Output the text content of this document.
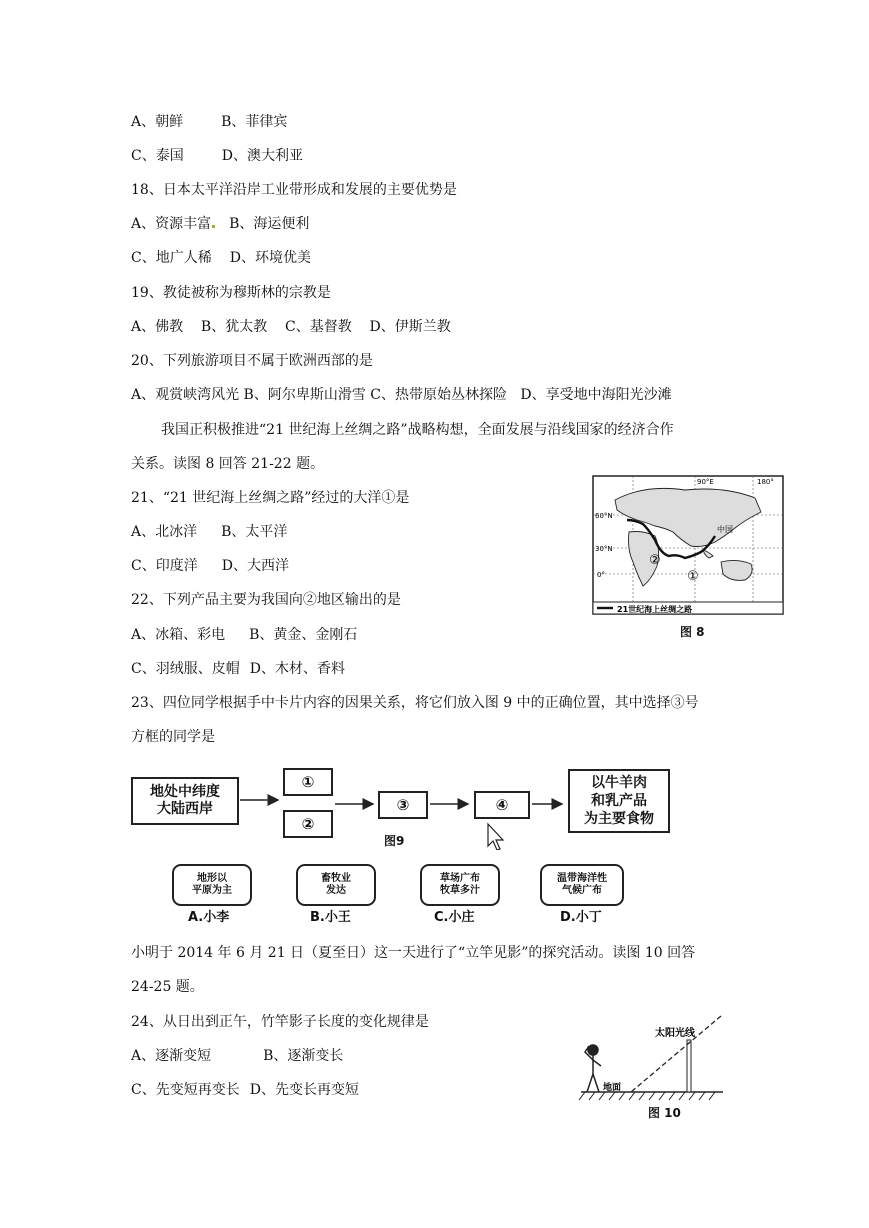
A、朝鲜	B、菲律宾
C、泰国	D、澳大利亚
18、日本太平洋沿岸工业带形成和发展的主要优势是
A、资源丰富 B、海运便利
C、地广人稀 D、环境优美
19、教徒被称为穆斯林的宗教是
A、佛教    B、犹太教    C、基督教    D、伊斯兰教
20、下列旅游项目不属于欧洲西部的是
A、观赏峡湾风光 B、阿尔卑斯山滑雪 C、热带原始丛林探险   D、享受地中海阳光沙滩
我国正积极推进“21 世纪海上丝绸之路”战略构想，全面发展与沿线国家的经济合作
关系。读图 8 回答 21-22 题。
21、“21 世纪海上丝绸之路”经过的大洋①是
A、北冰洋 B、太平洋
C、印度洋 D、大西洋
22、下列产品主要为我国向②地区输出的是
A、冰箱、彩电 B、黄金、金刚石
C、羽绒服、皮帽 D、木材、香料
60°N
30°N
0°
90°E	180°
中国
①
②
21世纪海上丝绸之路
图 8
23、四位同学根据手中卡片内容的因果关系，将它们放入图 9 中的正确位置，其中选择③号
方框的同学是
地处中纬度
大陆西岸
①
②
③	④
以牛羊肉
和乳产品
为主要食物
图9
地形以
平原为主
A.小李
畜牧业
发达
B.小王
草场广布
牧草多汁
C.小庄
温带海洋性
气候广布
D.小丁
小明于 2014 年 6 月 21 日（夏至日）这一天进行了“立竿见影”的探究活动。读图 10 回答
24-25 题。
24、从日出到正午，竹竿影子长度的变化规律是
A、逐渐变短	B、逐渐变长
C、先变短再变长 D、先变长再变短
太阳光线
地面
图 10
